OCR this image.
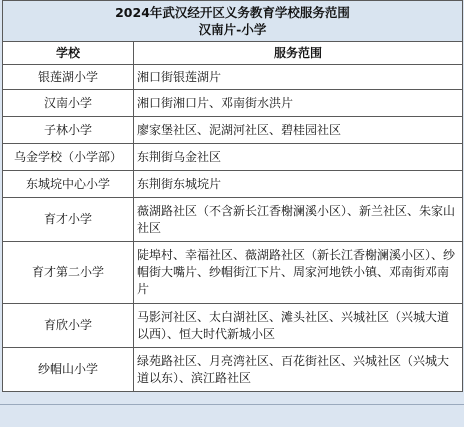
2024年武汉经开区义务教育学校服务范围	
汉南片-小学	
学校	服务范围
银莲湖小学	湘口街银莲湖片
汉南小学	湘口街湘口片、邓南街水洪片
子林小学	廖家堡社区、泥湖河社区、碧桂园社区
乌金学校（小学部）	东荆街乌金社区
东城垸中心小学	东荆街东城垸片
育才小学	薇湖路社区（不含新长江香榭澜溪小区）、新兰社区、朱家山社区
育才第二小学	陡埠村、幸福社区、薇湖路社区（新长江香榭澜溪小区）、纱帽街大嘴片、纱帽街江下片、周家河地铁小镇、邓南街邓南片
育欣小学	马影河社区、太白湖社区、滩头社区、兴城社区（兴城大道以西）、恒大时代新城小区
纱帽山小学	绿苑路社区、月亮湾社区、百花街社区、兴城社区（兴城大道以东）、滨江路社区
